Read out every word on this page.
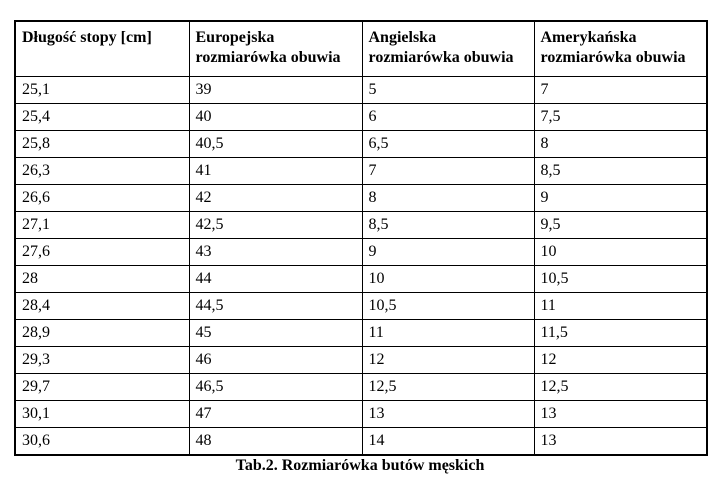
Długość stopy [cm]	Europejska rozmiarówka obuwia	Angielska rozmiarówka obuwia	Amerykańska rozmiarówka obuwia
25,1	39	5	7
25,4	40	6	7,5
25,8	40,5	6,5	8
26,3	41	7	8,5
26,6	42	8	9
27,1	42,5	8,5	9,5
27,6	43	9	10
28	44	10	10,5
28,4	44,5	10,5	11
28,9	45	11	11,5
29,3	46	12	12
29,7	46,5	12,5	12,5
30,1	47	13	13
30,6	48	14	13
Tab.2. Rozmiarówka butów męskich
